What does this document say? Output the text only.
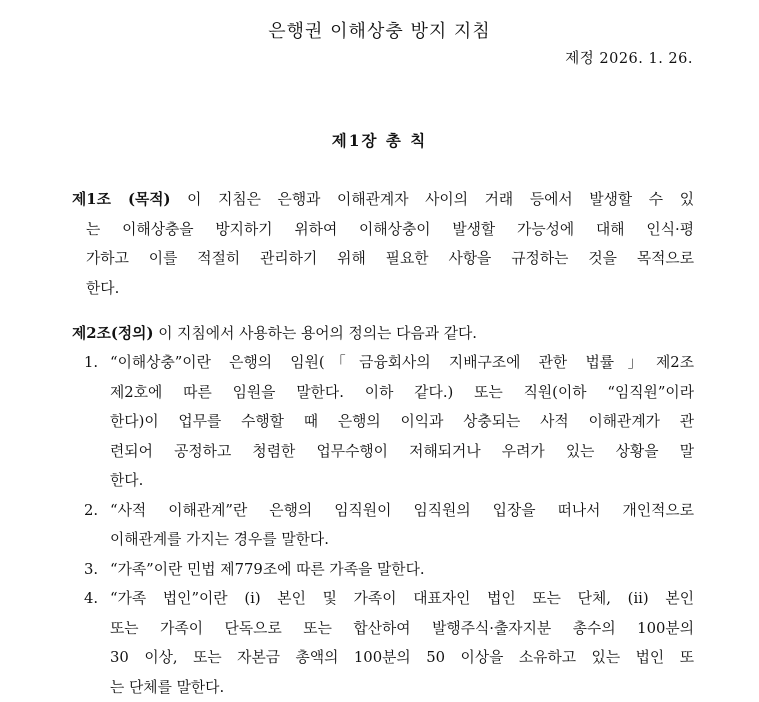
은행권 이해상충 방지 지침
제정 2026. 1. 26.
제1장 총 칙
제1조 (목적) 이 지침은 은행과 이해관계자 사이의 거래 등에서 발생할 수 있
는 이해상충을 방지하기 위하여 이해상충이 발생할 가능성에 대해 인식·평
가하고 이를 적절히 관리하기 위해 필요한 사항을 규정하는 것을 목적으로
한다.
제2조(정의) 이 지침에서 사용하는 용어의 정의는 다음과 같다.
1. “이해상충”이란 은행의 임원(「금융회사의 지배구조에 관한 법률」제2조
제2호에 따른 임원을 말한다. 이하 같다.) 또는 직원(이하 “임직원”이라
한다)이 업무를 수행할 때 은행의 이익과 상충되는 사적 이해관계가 관
련되어 공정하고 청렴한 업무수행이 저해되거나 우려가 있는 상황을 말
한다.
2. “사적 이해관계”란 은행의 임직원이 임직원의 입장을 떠나서 개인적으로
이해관계를 가지는 경우를 말한다.
3. “가족”이란 민법 제779조에 따른 가족을 말한다.
4. “가족 법인”이란 (i) 본인 및 가족이 대표자인 법인 또는 단체, (ii) 본인
또는 가족이 단독으로 또는 합산하여 발행주식·출자지분 총수의 100분의
30 이상, 또는 자본금 총액의 100분의 50 이상을 소유하고 있는 법인 또
는 단체를 말한다.
